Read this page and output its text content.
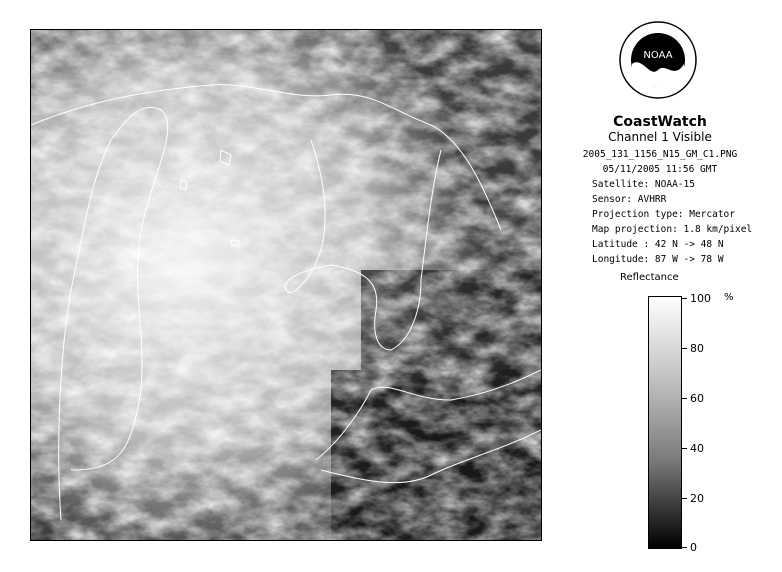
NOAA
CoastWatch
Channel 1 Visible
2005_131_1156_N15_GM_C1.PNG
05/11/2005 11:56 GMT
Satellite: NOAA-15
Sensor: AVHRR
Projection type: Mercator
Map projection: 1.8 km/pixel
Latitude : 42 N -> 48 N
Longitude: 87 W -> 78 W
Reflectance
%
100
80
60
40
20
0
